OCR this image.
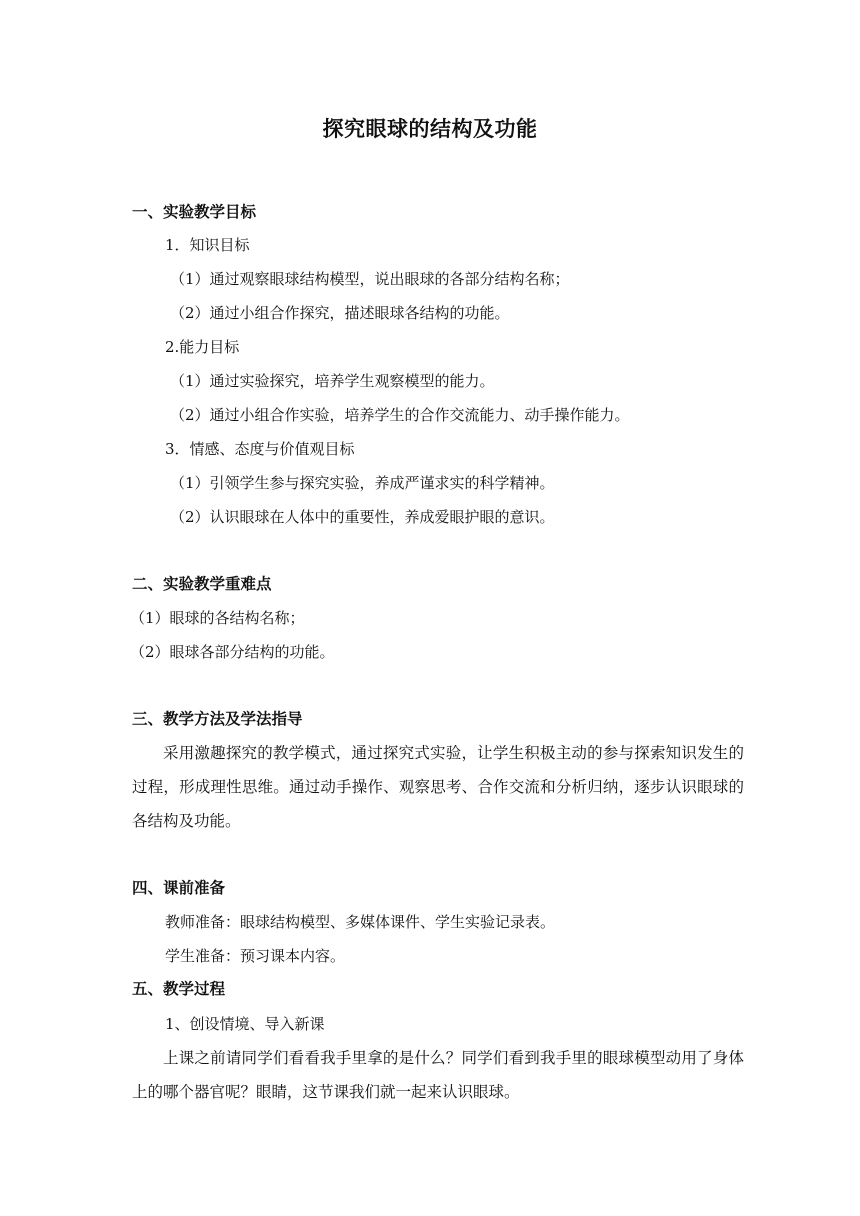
探究眼球的结构及功能
一、实验教学目标
1．知识目标
（1）通过观察眼球结构模型，说出眼球的各部分结构名称；
（2）通过小组合作探究，描述眼球各结构的功能。
2.能力目标
（1）通过实验探究，培养学生观察模型的能力。
（2）通过小组合作实验，培养学生的合作交流能力、动手操作能力。
3．情感、态度与价值观目标
（1）引领学生参与探究实验，养成严谨求实的科学精神。
（2）认识眼球在人体中的重要性，养成爱眼护眼的意识。
二、实验教学重难点
（1）眼球的各结构名称；
（2）眼球各部分结构的功能。
三、教学方法及学法指导
采用激趣探究的教学模式，通过探究式实验，让学生积极主动的参与探索知识发生的过程，形成理性思维。通过动手操作、观察思考、合作交流和分析归纳，逐步认识眼球的各结构及功能。
四、课前准备
教师准备：眼球结构模型、多媒体课件、学生实验记录表。
学生准备：预习课本内容。
五、教学过程
1、创设情境、导入新课
上课之前请同学们看看我手里拿的是什么？同学们看到我手里的眼球模型动用了身体上的哪个器官呢？眼睛，这节课我们就一起来认识眼球。
